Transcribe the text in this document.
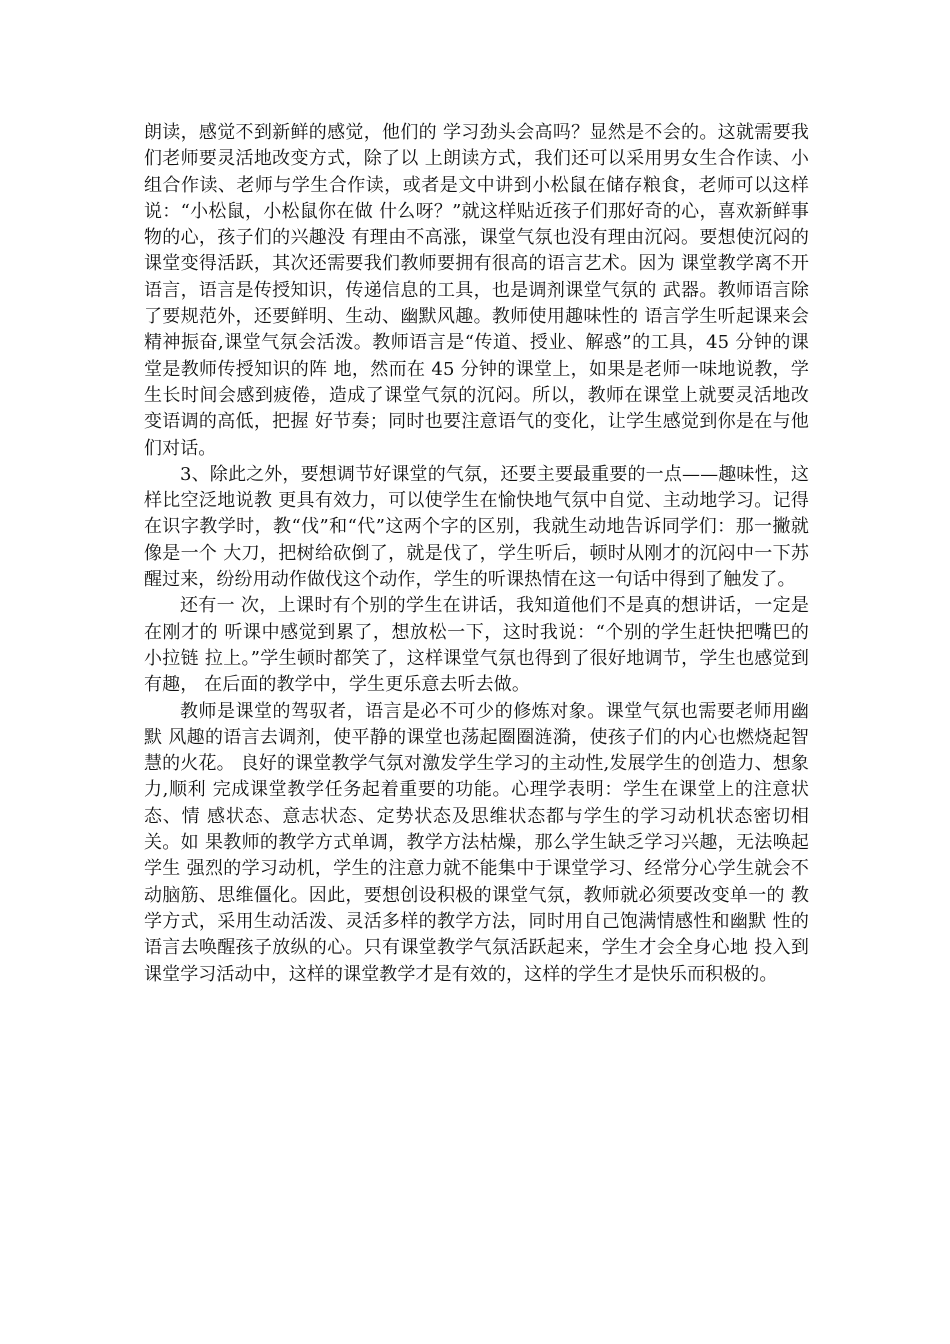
朗读，感觉不到新鲜的感觉，他们的 学习劲头会高吗？显然是不会的。这就需要我们老师要灵活地改变方式，除了以 上朗读方式，我们还可以采用男女生合作读、小组合作读、老师与学生合作读，或者是文中讲到小松鼠在储存粮食，老师可以这样说：“小松鼠，小松鼠你在做 什么呀？”就这样贴近孩子们那好奇的心，喜欢新鲜事物的心，孩子们的兴趣没 有理由不高涨，课堂气氛也没有理由沉闷。要想使沉闷的课堂变得活跃，其次还需要我们教师要拥有很高的语言艺术。因为 课堂教学离不开语言，语言是传授知识，传递信息的工具，也是调剂课堂气氛的 武器。教师语言除了要规范外，还要鲜明、生动、幽默风趣。教师使用趣味性的 语言学生听起课来会精神振奋,课堂气氛会活泼。教师语言是“传道、授业、解惑”的工具，45 分钟的课堂是教师传授知识的阵 地，然而在 45 分钟的课堂上，如果是老师一味地说教，学生长时间会感到疲倦，造成了课堂气氛的沉闷。所以，教师在课堂上就要灵活地改变语调的高低，把握 好节奏；同时也要注意语气的变化，让学生感觉到你是在与他们对话。

3、除此之外，要想调节好课堂的气氛，还要主要最重要的一点——趣味性，这样比空泛地说教 更具有效力，可以使学生在愉快地气氛中自觉、主动地学习。记得在识字教学时，教“伐”和“代”这两个字的区别，我就生动地告诉同学们：那一撇就像是一个 大刀，把树给砍倒了，就是伐了，学生听后，顿时从刚才的沉闷中一下苏醒过来，纷纷用动作做伐这个动作，学生的听课热情在这一句话中得到了触发了。

还有一 次，上课时有个别的学生在讲话，我知道他们不是真的想讲话，一定是在刚才的 听课中感觉到累了，想放松一下，这时我说：“个别的学生赶快把嘴巴的小拉链 拉上。”学生顿时都笑了，这样课堂气氛也得到了很好地调节，学生也感觉到有趣， 在后面的教学中，学生更乐意去听去做。

教师是课堂的驾驭者，语言是必不可少的修炼对象。课堂气氛也需要老师用幽默 风趣的语言去调剂，使平静的课堂也荡起圈圈涟漪，使孩子们的内心也燃烧起智 慧的火花。 良好的课堂教学气氛对激发学生学习的主动性,发展学生的创造力、想象力,顺利 完成课堂教学任务起着重要的功能。心理学表明：学生在课堂上的注意状态、情 感状态、意志状态、定势状态及思维状态都与学生的学习动机状态密切相关。如 果教师的教学方式单调，教学方法枯燥，那么学生缺乏学习兴趣，无法唤起学生 强烈的学习动机，学生的注意力就不能集中于课堂学习、经常分心学生就会不 动脑筋、思维僵化。因此，要想创设积极的课堂气氛，教师就必须要改变单一的 教学方式，采用生动活泼、灵活多样的教学方法，同时用自己饱满情感性和幽默 性的语言去唤醒孩子放纵的心。只有课堂教学气氛活跃起来，学生才会全身心地 投入到课堂学习活动中，这样的课堂教学才是有效的，这样的学生才是快乐而积极的。
